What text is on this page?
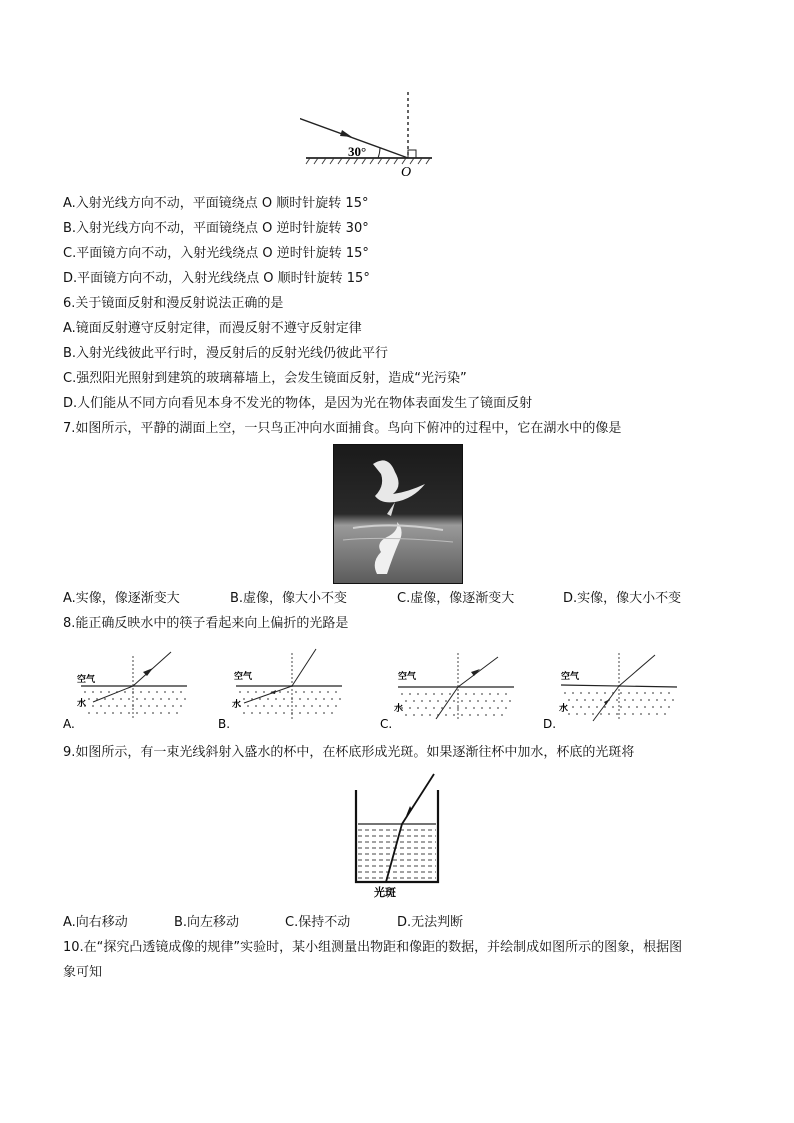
30°
O
A.入射光线方向不动，平面镜绕点 O 顺时针旋转 15°
B.入射光线方向不动，平面镜绕点 O 逆时针旋转 30°
C.平面镜方向不动，入射光线绕点 O 逆时针旋转 15°
D.平面镜方向不动，入射光线绕点 O 顺时针旋转 15°
6.关于镜面反射和漫反射说法正确的是
A.镜面反射遵守反射定律，而漫反射不遵守反射定律
B.入射光线彼此平行时，漫反射后的反射光线仍彼此平行
C.强烈阳光照射到建筑的玻璃幕墙上，会发生镜面反射，造成“光污染”
D.人们能从不同方向看见本身不发光的物体，是因为光在物体表面发生了镜面反射
7.如图所示，平静的湖面上空，一只鸟正冲向水面捕食。鸟向下俯冲的过程中，它在湖水中的像是
A.实像，像逐渐变大	B.虚像，像大小不变	C.虚像，像逐渐变大	D.实像，像大小不变
8.能正确反映水中的筷子看起来向上偏折的光路是
空气
水
A.
空气
水
B.
空气
水
C.
空气
水
D.
9.如图所示，有一束光线斜射入盛水的杯中，在杯底形成光斑。如果逐渐往杯中加水，杯底的光斑将
光斑
A.向右移动	B.向左移动	C.保持不动	D.无法判断
10.在“探究凸透镜成像的规律”实验时，某小组测量出物距和像距的数据，并绘制成如图所示的图象，根据图
象可知
